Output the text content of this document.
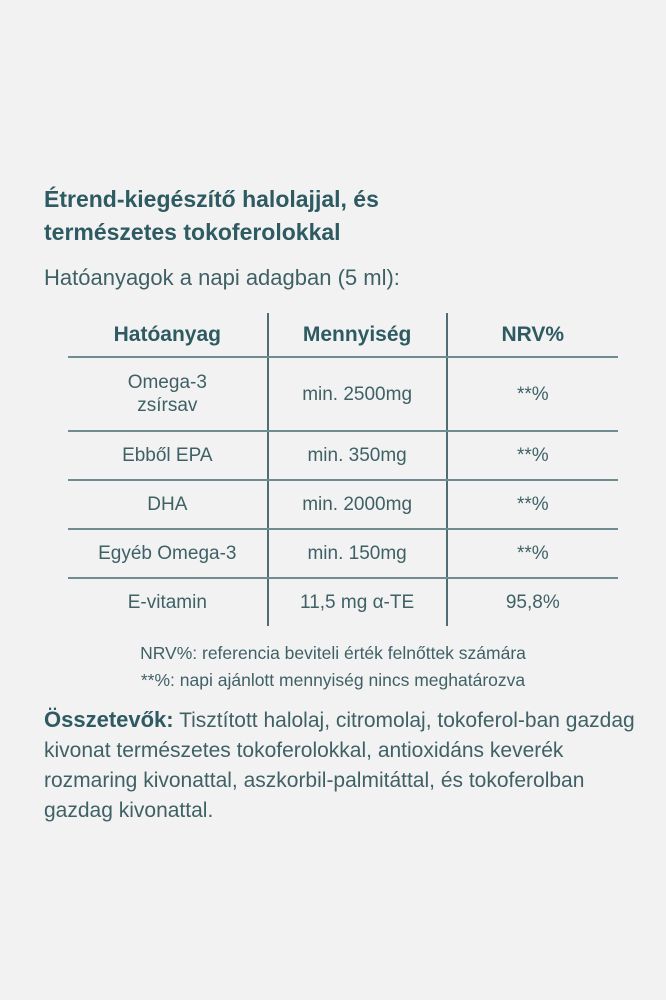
Étrend-kiegészítő halolajjal, és
természetes tokoferolokkal
Hatóanyagok a napi adagban (5 ml):
Hatóanyag	Mennyiség	NRV%
Omega-3
zsírsav	min. 2500mg	**%
Ebből EPA	min. 350mg	**%
DHA	min. 2000mg	**%
Egyéb Omega-3	min. 150mg	**%
E-vitamin	11,5 mg α-TE	95,8%
NRV%: referencia beviteli érték felnőttek számára
**%: napi ajánlott mennyiség nincs meghatározva

Összetevők: Tisztított halolaj, citromolaj, tokoferol-ban gazdag kivonat természetes tokoferolokkal, antioxidáns keverék rozmaring kivonattal, aszkorbil-palmitáttal, és tokoferolban gazdag kivonattal.
